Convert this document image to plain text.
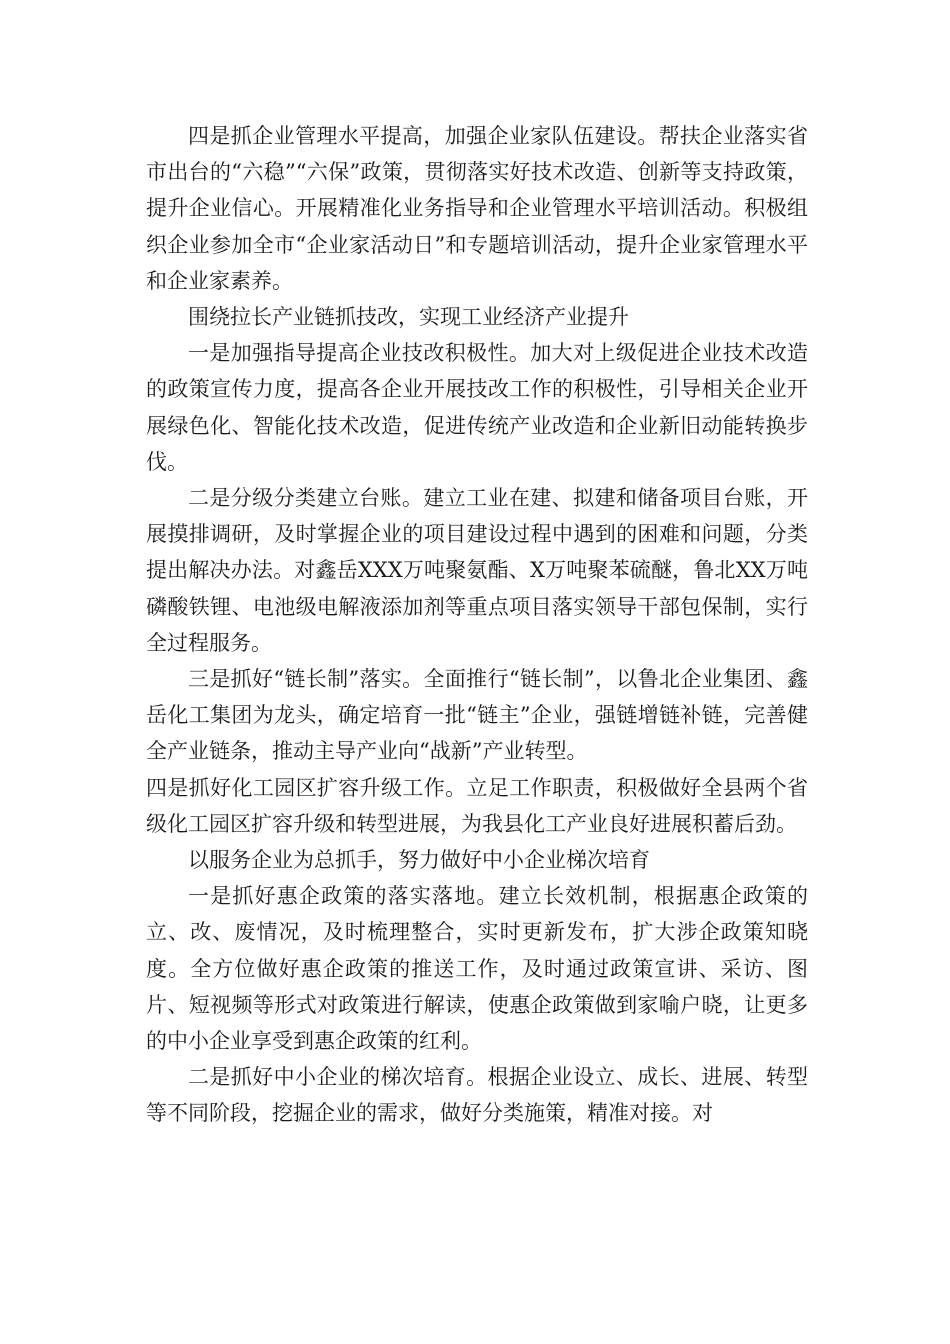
四是抓企业管理水平提高，加强企业家队伍建设。帮扶企业落实省市出台的“六稳”“六保”政策，贯彻落实好技术改造、创新等支持政策，提升企业信心。开展精准化业务指导和企业管理水平培训活动。积极组织企业参加全市“企业家活动日”和专题培训活动，提升企业家管理水平和企业家素养。

围绕拉长产业链抓技改，实现工业经济产业提升

一是加强指导提高企业技改积极性。加大对上级促进企业技术改造的政策宣传力度，提高各企业开展技改工作的积极性，引导相关企业开展绿色化、智能化技术改造，促进传统产业改造和企业新旧动能转换步伐。

二是分级分类建立台账。建立工业在建、拟建和储备项目台账，开展摸排调研，及时掌握企业的项目建设过程中遇到的困难和问题，分类提出解决办法。对鑫岳XXX万吨聚氨酯、X万吨聚苯硫醚，鲁北XX万吨磷酸铁锂、电池级电解液添加剂等重点项目落实领导干部包保制，实行全过程服务。

三是抓好“链长制”落实。全面推行“链长制”，以鲁北企业集团、鑫岳化工集团为龙头，确定培育一批“链主”企业，强链增链补链，完善健全产业链条，推动主导产业向“战新”产业转型。

四是抓好化工园区扩容升级工作。立足工作职责，积极做好全县两个省级化工园区扩容升级和转型进展，为我县化工产业良好进展积蓄后劲。

以服务企业为总抓手，努力做好中小企业梯次培育

一是抓好惠企政策的落实落地。建立长效机制，根据惠企政策的立、改、废情况，及时梳理整合，实时更新发布，扩大涉企政策知晓度。全方位做好惠企政策的推送工作，及时通过政策宣讲、采访、图片、短视频等形式对政策进行解读，使惠企政策做到家喻户晓，让更多的中小企业享受到惠企政策的红利。

二是抓好中小企业的梯次培育。根据企业设立、成长、进展、转型等不同阶段，挖掘企业的需求，做好分类施策，精准对接。对
